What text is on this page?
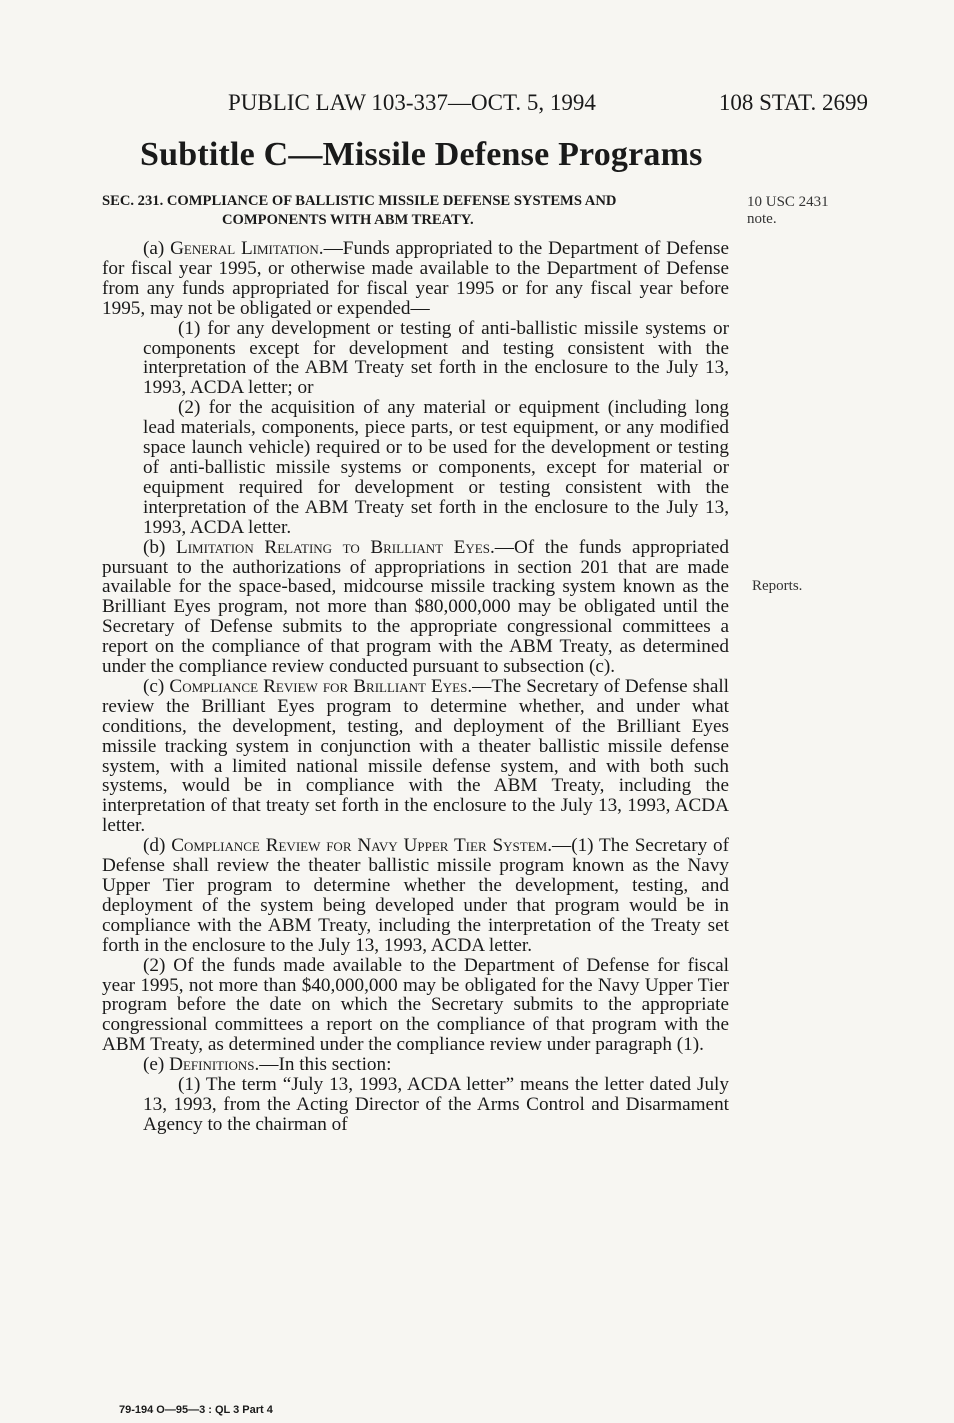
PUBLIC LAW 103-337—OCT. 5, 1994	108 STAT. 2699
Subtitle C—Missile Defense Programs
10 USC 2431
note.
Reports.
SEC. 231. COMPLIANCE OF BALLISTIC MISSILE DEFENSE SYSTEMS AND
COMPONENTS WITH ABM TREATY.

(a) General Limitation.—Funds appropriated to the Department of Defense for fiscal year 1995, or otherwise made available to the Department of Defense from any funds appropriated for fiscal year 1995 or for any fiscal year before 1995, may not be obligated or expended—

(1) for any development or testing of anti-ballistic missile systems or components except for development and testing consistent with the interpretation of the ABM Treaty set forth in the enclosure to the July 13, 1993, ACDA letter; or

(2) for the acquisition of any material or equipment (including long lead materials, components, piece parts, or test equipment, or any modified space launch vehicle) required or to be used for the development or testing of anti-ballistic missile systems or components, except for material or equipment required for development or testing consistent with the interpretation of the ABM Treaty set forth in the enclosure to the July 13, 1993, ACDA letter.

(b) Limitation Relating to Brilliant Eyes.—Of the funds appropriated pursuant to the authorizations of appropriations in section 201 that are made available for the space-based, midcourse missile tracking system known as the Brilliant Eyes program, not more than $80,000,000 may be obligated until the Secretary of Defense submits to the appropriate congressional committees a report on the compliance of that program with the ABM Treaty, as determined under the compliance review conducted pursuant to subsection (c).

(c) Compliance Review for Brilliant Eyes.—The Secretary of Defense shall review the Brilliant Eyes program to determine whether, and under what conditions, the development, testing, and deployment of the Brilliant Eyes missile tracking system in conjunction with a theater ballistic missile defense system, with a limited national missile defense system, and with both such systems, would be in compliance with the ABM Treaty, including the interpretation of that treaty set forth in the enclosure to the July 13, 1993, ACDA letter.

(d) Compliance Review for Navy Upper Tier System.—(1) The Secretary of Defense shall review the theater ballistic missile program known as the Navy Upper Tier program to determine whether the development, testing, and deployment of the system being developed under that program would be in compliance with the ABM Treaty, including the interpretation of the Treaty set forth in the enclosure to the July 13, 1993, ACDA letter.

(2) Of the funds made available to the Department of Defense for fiscal year 1995, not more than $40,000,000 may be obligated for the Navy Upper Tier program before the date on which the Secretary submits to the appropriate congressional committees a report on the compliance of that program with the ABM Treaty, as determined under the compliance review under paragraph (1).

(e) Definitions.—In this section:

(1) The term “July 13, 1993, ACDA letter” means the letter dated July 13, 1993, from the Acting Director of the Arms Control and Disarmament Agency to the chairman of

79-194 O—95—3 : QL 3 Part 4
